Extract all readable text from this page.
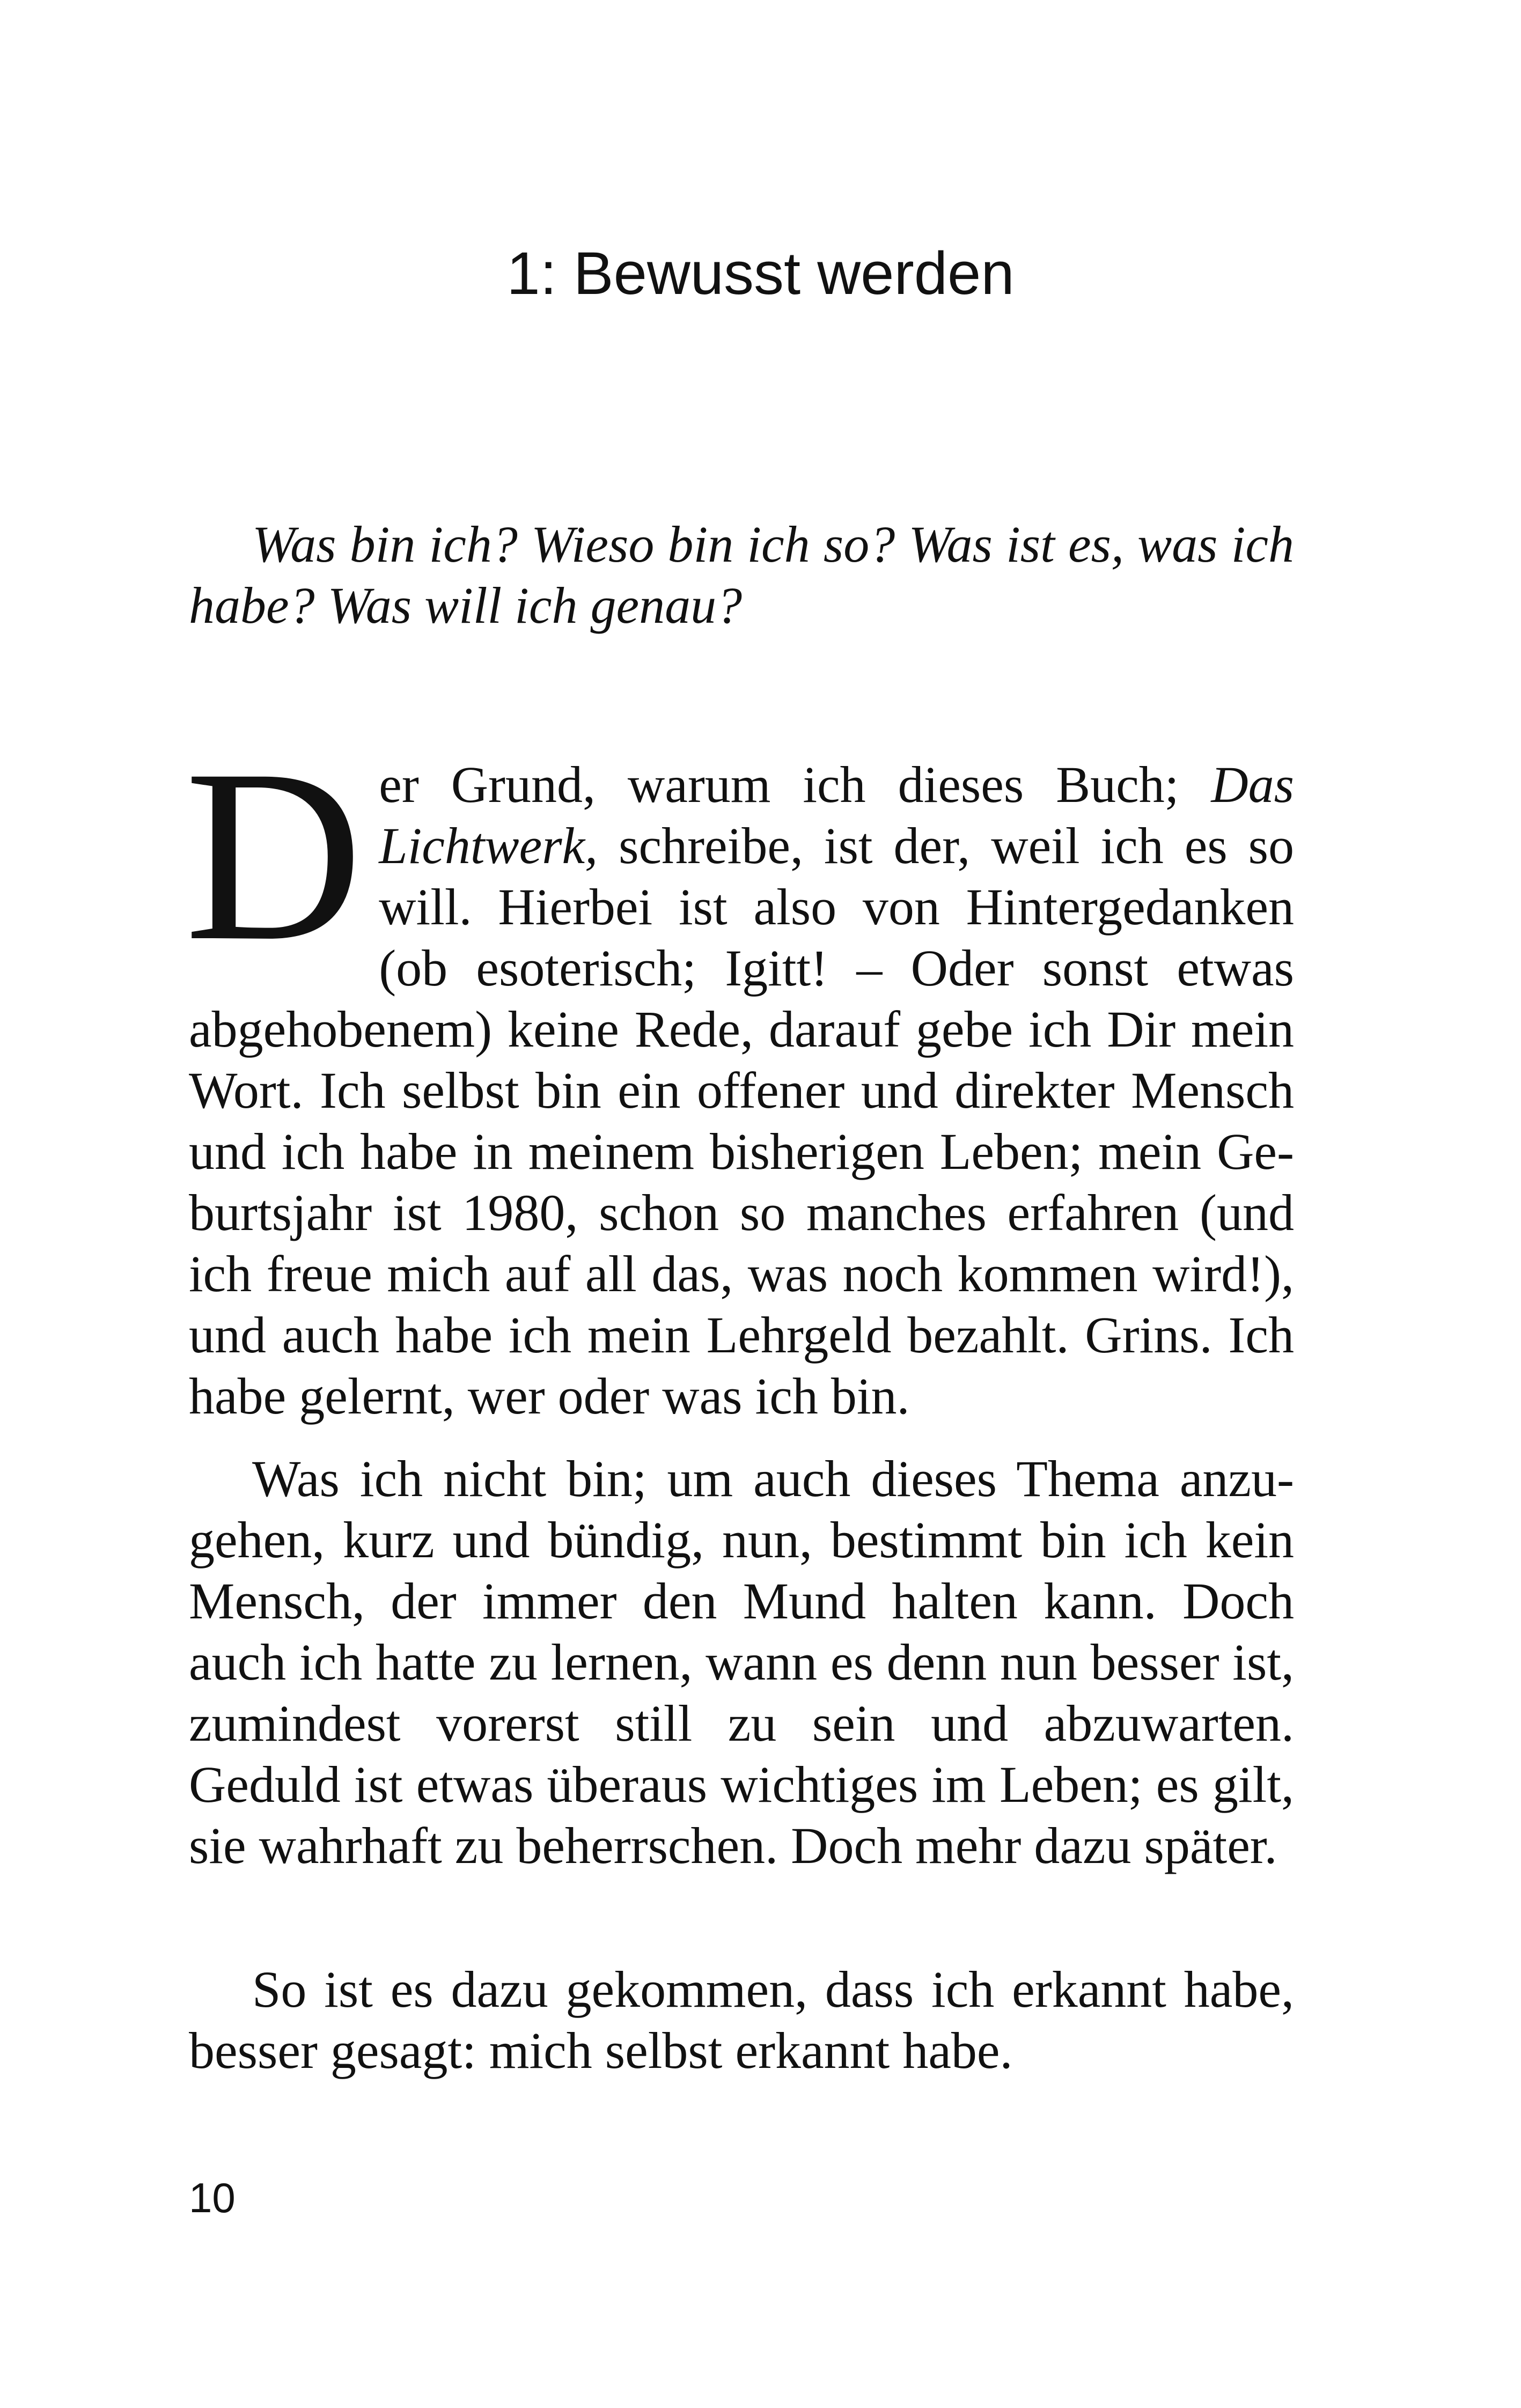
1: Bewusst werden

Was bin ich? Wieso bin ich so? Was ist es, was ich habe? Was will ich genau?

Der Grund, warum ich dieses Buch; Das Lichtwerk, schreibe, ist der, weil ich es so will. Hierbei ist also von Hintergedanken (ob esoterisch; Igitt! – Oder sonst etwas abgehobenem) keine Rede, darauf gebe ich Dir mein Wort. Ich selbst bin ein offener und direkter Mensch und ich habe in meinem bisherigen Leben; mein Geburtsjahr ist 1980, schon so manches erfahren (und ich freue mich auf all das, was noch kommen wird!), und auch habe ich mein Lehrgeld bezahlt. Grins. Ich habe gelernt, wer oder was ich bin.

Was ich nicht bin; um auch dieses Thema anzugehen, kurz und bündig, nun, bestimmt bin ich kein Mensch, der immer den Mund halten kann. Doch auch ich hatte zu lernen, wann es denn nun besser ist, zumindest vorerst still zu sein und abzuwarten. Geduld ist etwas überaus wichtiges im Leben; es gilt, sie wahrhaft zu beherrschen. Doch mehr dazu später.

So ist es dazu gekommen, dass ich erkannt habe, besser gesagt: mich selbst erkannt habe.

10
